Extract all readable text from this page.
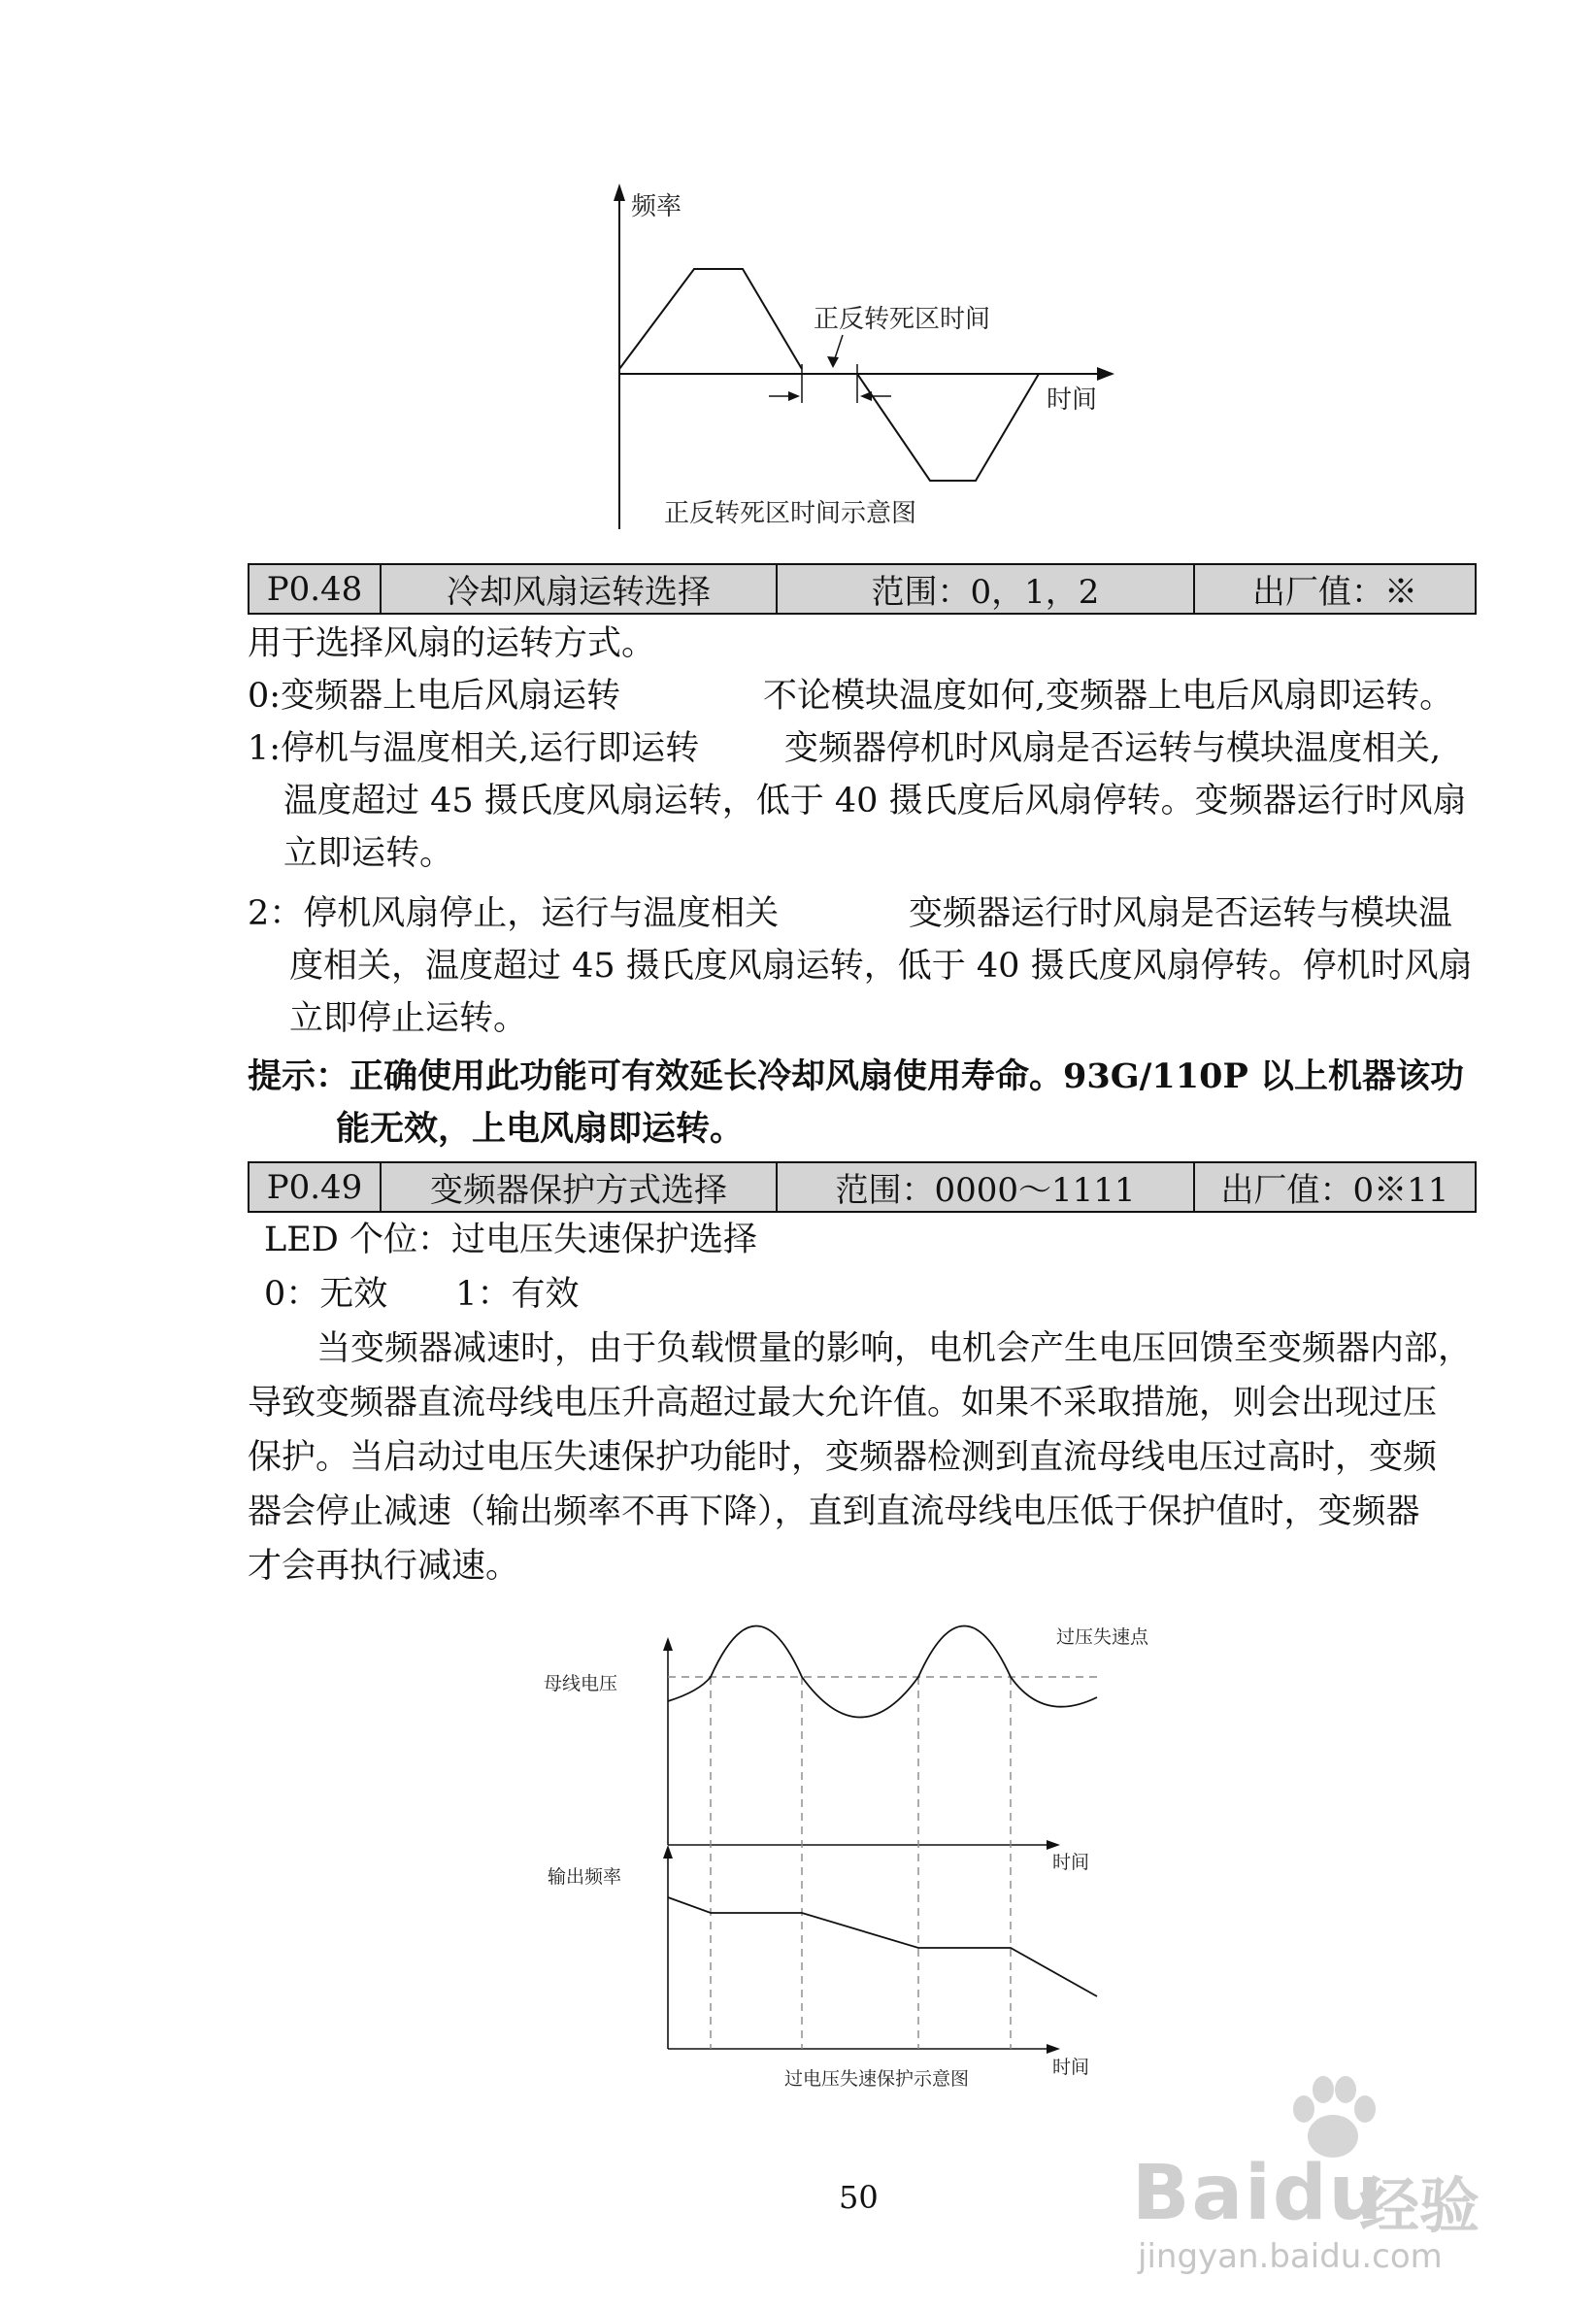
频率
时间
正反转死区时间
正反转死区时间示意图
P0.48	冷却风扇运转选择	范围：0，1，2	出厂值：※
用于选择风扇的运转方式。
0:变频器上电后风扇运转	不论模块温度如何,变频器上电后风扇即运转。
1:停机与温度相关,运行即运转	变频器停机时风扇是否运转与模块温度相关,
温度超过 45 摄氏度风扇运转，低于 40 摄氏度后风扇停转。变频器运行时风扇
立即运转。
2：停机风扇停止，运行与温度相关	变频器运行时风扇是否运转与模块温
度相关，温度超过 45 摄氏度风扇运转，低于 40 摄氏度风扇停转。停机时风扇
立即停止运转。
提示：正确使用此功能可有效延长冷却风扇使用寿命。93G/110P 以上机器该功
能无效，上电风扇即运转。
P0.49	变频器保护方式选择	范围：0000～1111	出厂值：0※11
LED 个位：过电压失速保护选择
0：无效　　1：有效
当变频器减速时，由于负载惯量的影响，电机会产生电压回馈至变频器内部，
导致变频器直流母线电压升高超过最大允许值。如果不采取措施，则会出现过压
保护。当启动过电压失速保护功能时，变频器检测到直流母线电压过高时，变频
器会停止减速（输出频率不再下降），直到直流母线电压低于保护值时，变频器
才会再执行减速。
母线电压
过压失速点
时间
输出频率
时间
过电压失速保护示意图
50	Baidu
经验
jingyan.baidu.com
